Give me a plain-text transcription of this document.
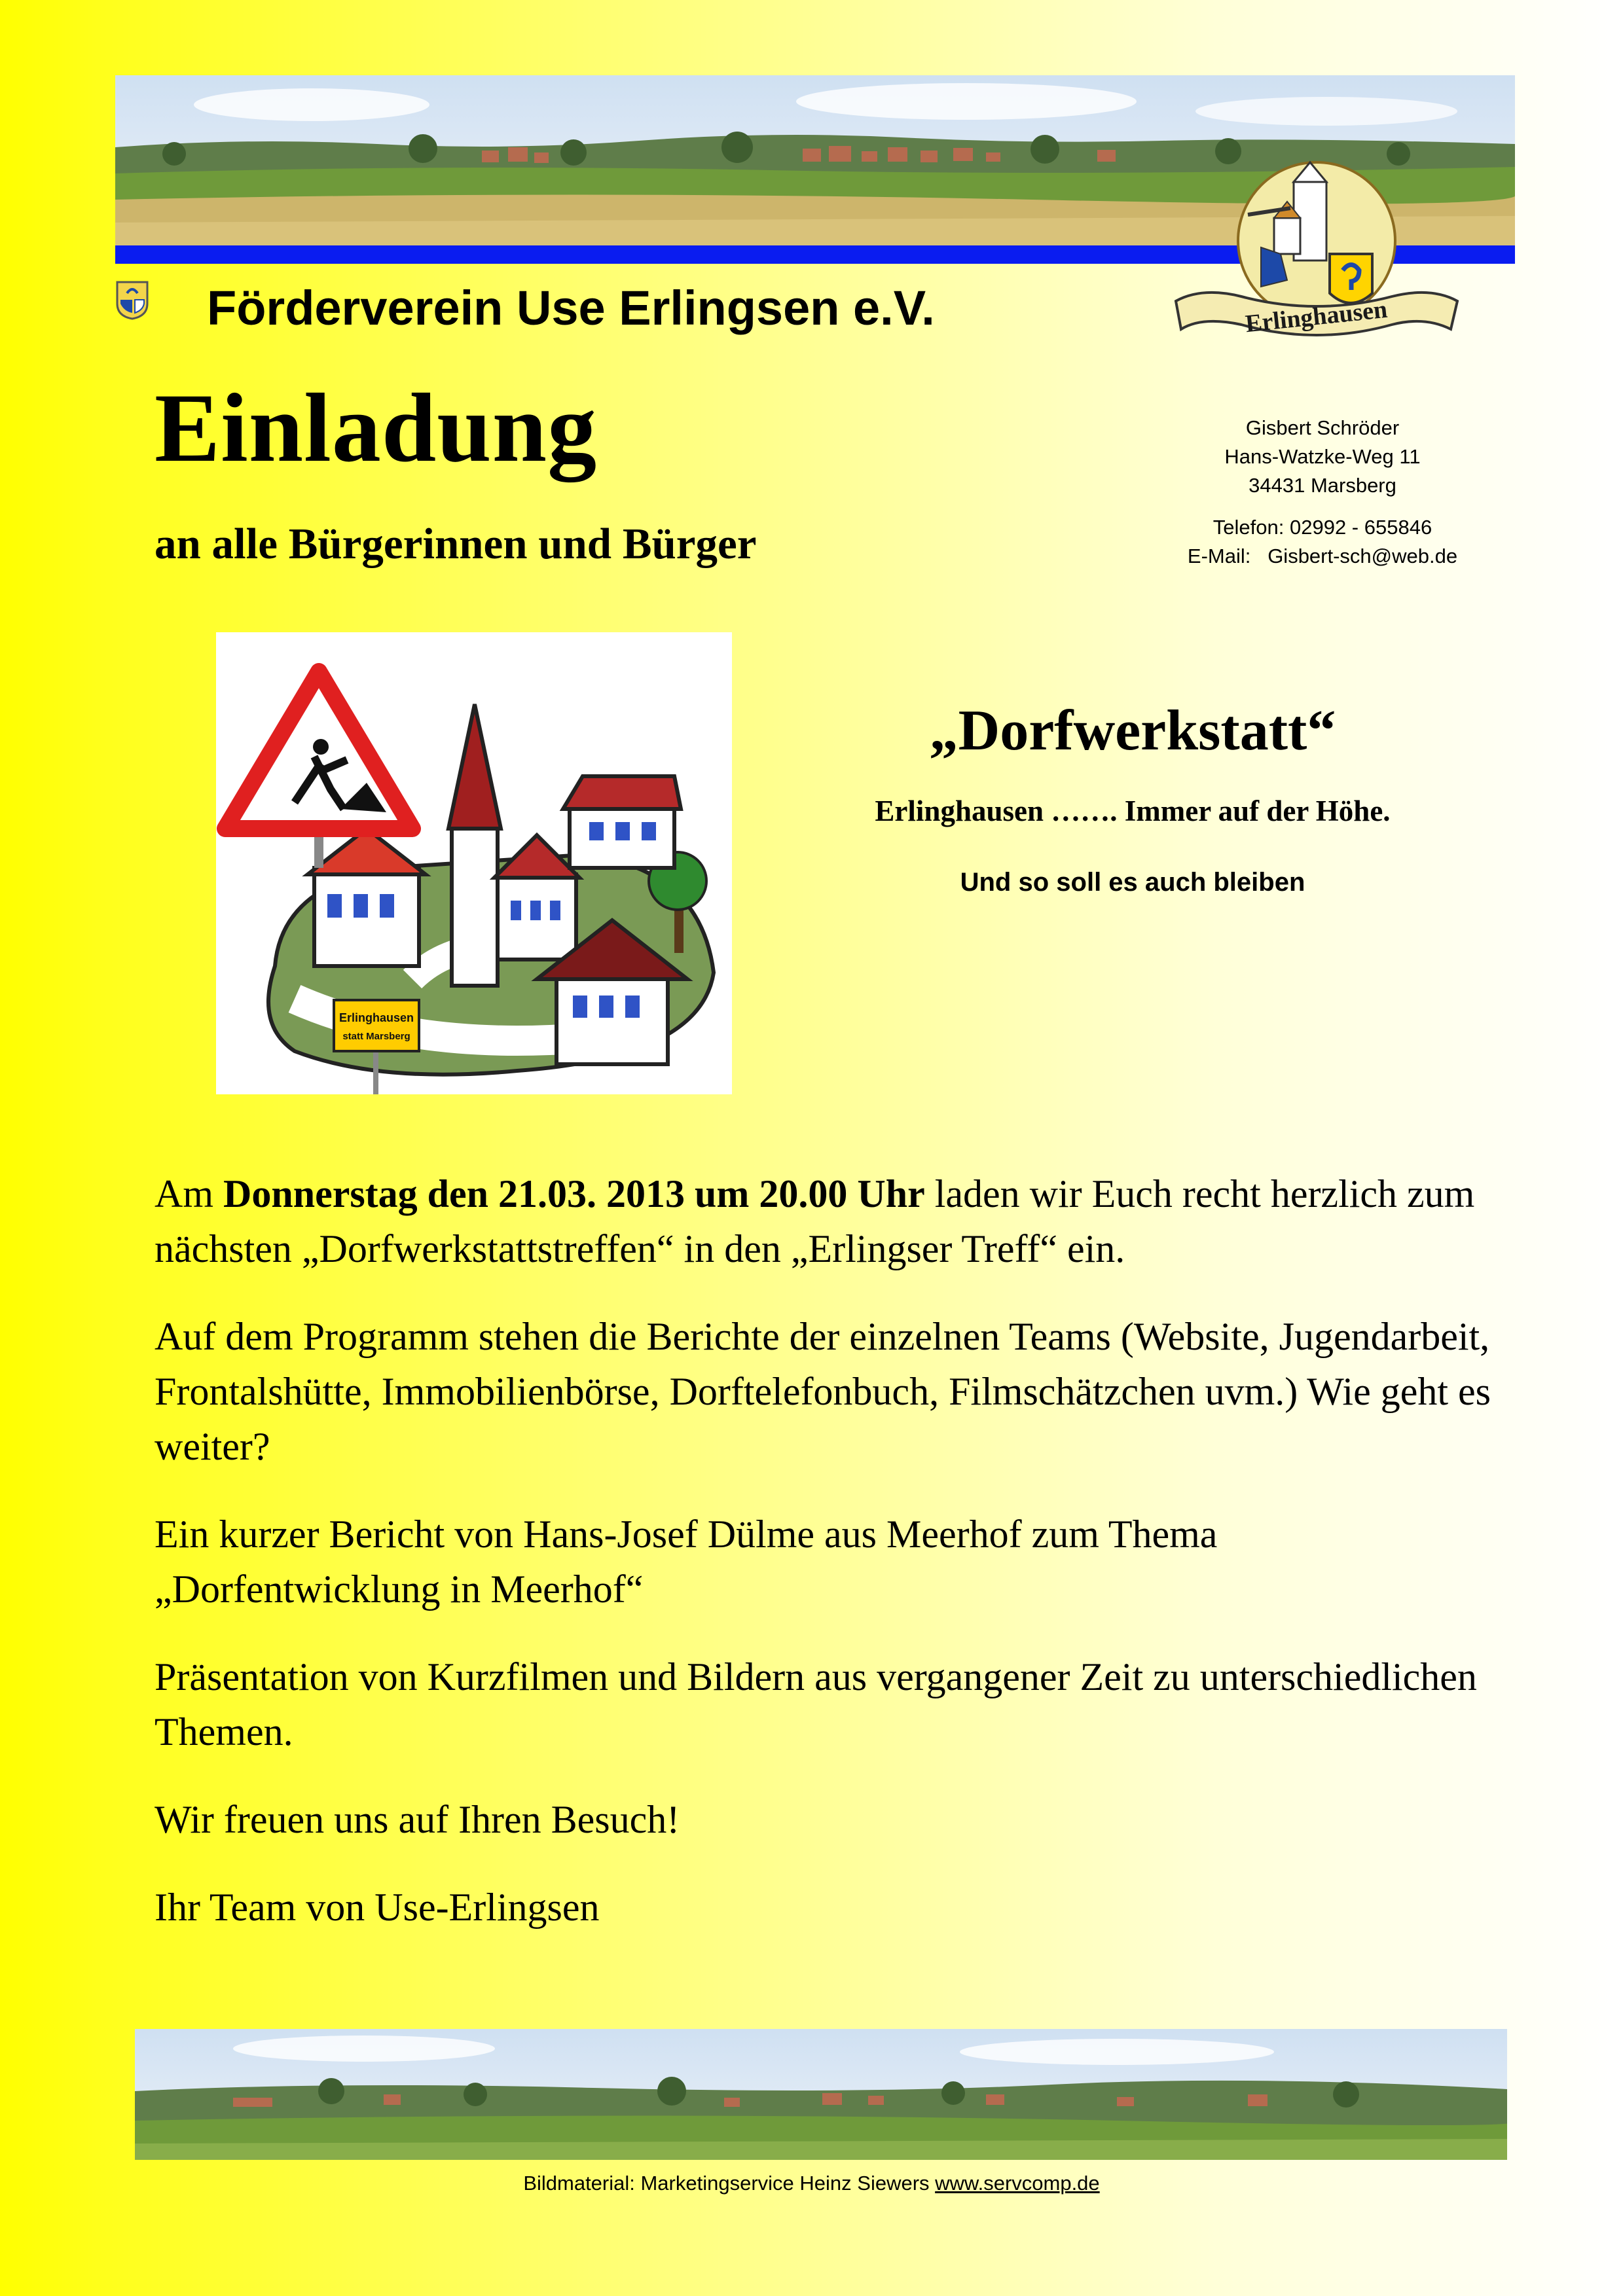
Erlinghausen
Förderverein Use Erlingsen e.V.
Einladung
an alle Bürgerinnen und Bürger
Gisbert Schröder
Hans-Watzke-Weg 11
34431 Marsberg
Telefon: 02992 - 655846
E-Mail: Gisbert-sch@web.de
Erlinghausen
statt Marsberg
„Dorfwerkstatt“
Erlinghausen ……. Immer auf der Höhe.
Und so soll es auch bleiben

Am Donnerstag den 21.03. 2013 um 20.00 Uhr laden wir Euch recht herzlich zum nächsten „Dorfwerkstattstreffen“ in den „Erlingser Treff“ ein.

Auf dem Programm stehen die Berichte der einzelnen Teams (Website, Jugendarbeit, Frontalshütte, Immobilienbörse, Dorftelefonbuch, Filmschätzchen uvm.) Wie geht es weiter?

Ein kurzer Bericht von Hans-Josef Dülme aus Meerhof zum Thema „Dorfentwicklung in Meerhof“

Präsentation von Kurzfilmen und Bildern aus vergangener Zeit zu unterschiedlichen Themen.

Wir freuen uns auf Ihren Besuch!

Ihr Team von Use-Erlingsen

Bildmaterial: Marketingservice Heinz Siewers www.servcomp.de
